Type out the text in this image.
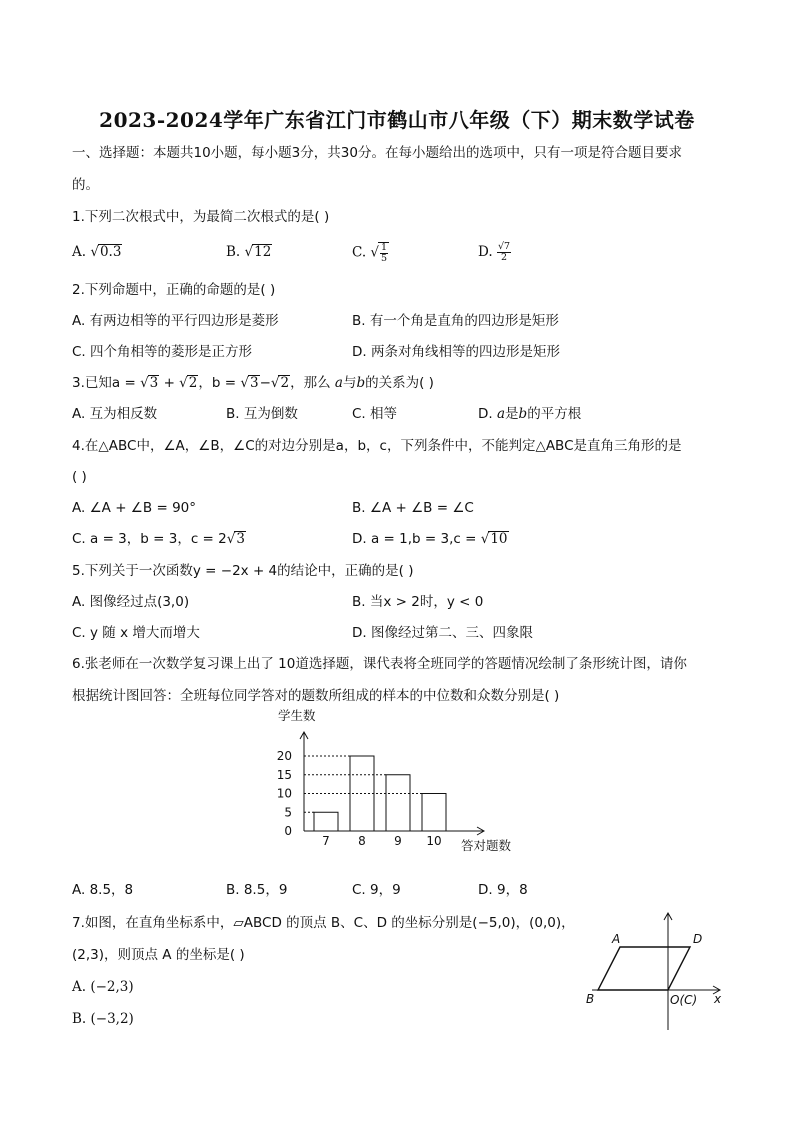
2023-2024学年广东省江门市鹤山市八年级（下）期末数学试卷
一、选择题：本题共10小题，每小题3分，共30分。在每小题给出的选项中，只有一项是符合题目要求
的。
1.下列二次根式中，为最简二次根式的是( )
A. √0.3	B. √12	C. √ $\frac{1}{5}$	D. $\frac{√7}{2}$
2.下列命题中，正确的命题的是( )
A. 有两边相等的平行四边形是菱形	B. 有一个角是直角的四边形是矩形
C. 四个角相等的菱形是正方形	D. 两条对角线相等的四边形是矩形
3.已知a = √3 + √2，b = √3−√2，那么 a与b的关系为( )
A. 互为相反数	B. 互为倒数	C. 相等	D. a是b的平方根
4.在△ABC中，∠A，∠B，∠C的对边分别是a，b，c，下列条件中，不能判定△ABC是直角三角形的是
( )
A. ∠A + ∠B = 90°	B. ∠A + ∠B = ∠C
C. a = 3，b = 3，c = 2√3	D. a = 1,b = 3,c = √10
5.下列关于一次函数y = −2x + 4的结论中，正确的是( )
A. 图像经过点(3,0)	B. 当x > 2时，y < 0
C. y 随 x 增大而增大	D. 图像经过第二、三、四象限
6.张老师在一次数学复习课上出了 10道选择题，课代表将全班同学的答题情况绘制了条形统计图，请你
根据统计图回答：全班每位同学答对的题数所组成的样本的中位数和众数分别是( )
学生数
0
5
10
15
20
7 8 9 10 答对题数
A. 8.5，8	B. 8.5，9	C. 9，9	D. 9，8
7.如图，在直角坐标系中，▱ABCD 的顶点 B、C、D 的坐标分别是(−5,0)，(0,0)，
(2,3)，则顶点 A 的坐标是( )
A. (−2,3)
B. (−3,2)
A	D
B	O(C) x
